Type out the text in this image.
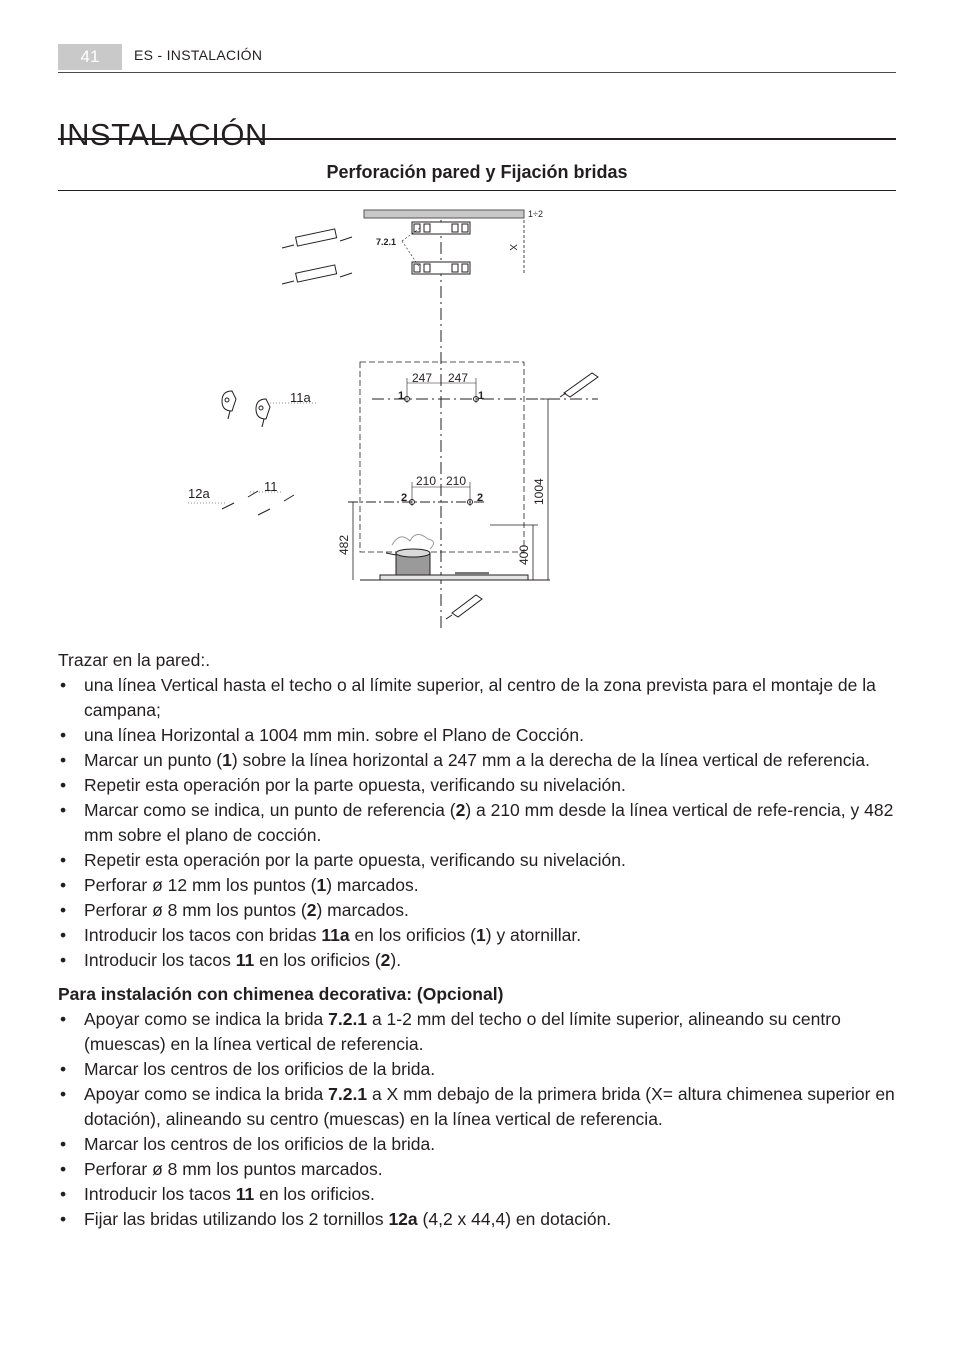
41	ES - INSTALACIÓN
INSTALACIÓN
Perforación pared y Fijación bridas
1÷2
X
7.2.1
247 247
1	1
210 210
2	2	1004
482	400
11a
11
12a

Trazar en la pared:.

• una línea Vertical hasta el techo o al límite superior, al centro de la zona prevista para el montaje de la campana;
• una línea Horizontal a 1004 mm min. sobre el Plano de Cocción.
• Marcar un punto (1) sobre la línea horizontal a 247 mm a la derecha de la línea vertical de referencia.
• Repetir esta operación por la parte opuesta, verificando su nivelación.
• Marcar como se indica, un punto de referencia (2) a 210 mm desde la línea vertical de refe-rencia, y 482 mm sobre el plano de cocción.
• Repetir esta operación por la parte opuesta, verificando su nivelación.
• Perforar ø 12 mm los puntos (1) marcados.
• Perforar ø 8 mm los puntos (2) marcados.
• Introducir los tacos con bridas 11a en los orificios (1) y atornillar.
• Introducir los tacos 11 en los orificios (2).

Para instalación con chimenea decorativa: (Opcional)

• Apoyar como se indica la brida 7.2.1 a 1-2 mm del techo o del límite superior, alineando su centro (muescas) en la línea vertical de referencia.
• Marcar los centros de los orificios de la brida.
• Apoyar como se indica la brida 7.2.1 a X mm debajo de la primera brida (X= altura chimenea superior en dotación), alineando su centro (muescas) en la línea vertical de referencia.
• Marcar los centros de los orificios de la brida.
• Perforar ø 8 mm los puntos marcados.
• Introducir los tacos 11 en los orificios.
• Fijar las bridas utilizando los 2 tornillos 12a (4,2 x 44,4) en dotación.
